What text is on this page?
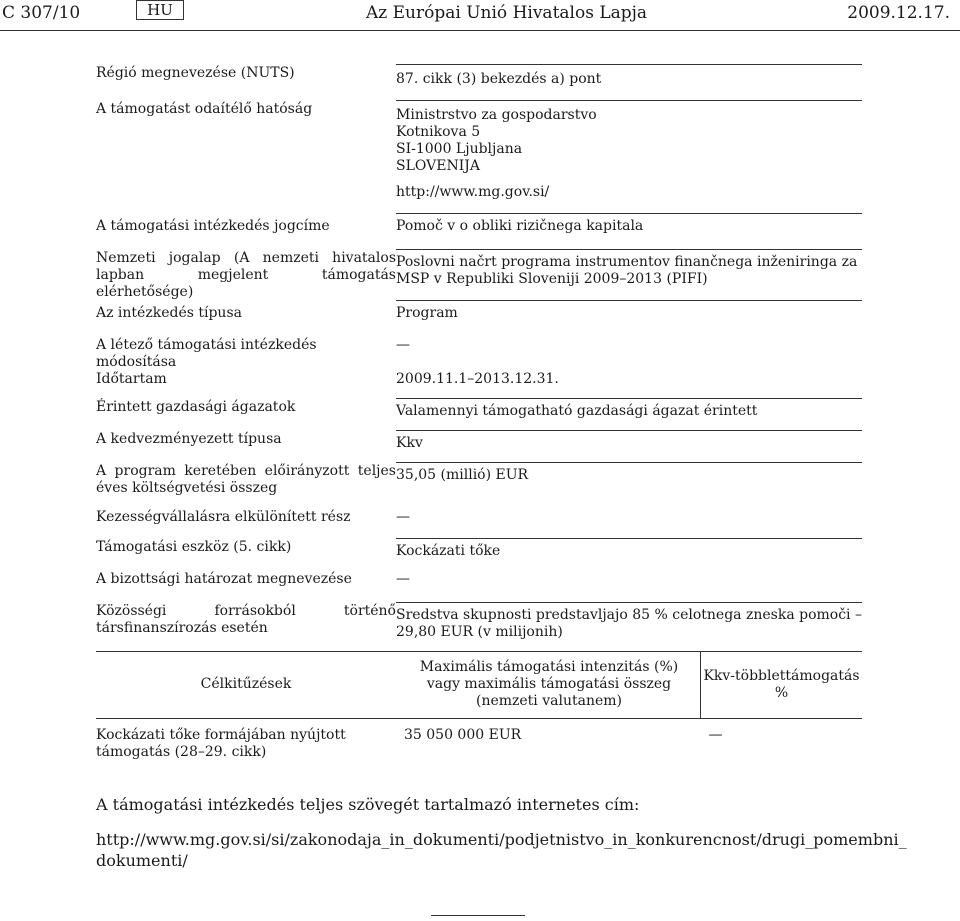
C 307/10	HU	Az Európai Unió Hivatalos Lapja	2009.12.17.
Régió megnevezése (NUTS)	87. cikk (3) bekezdés a) pont		
A támogatást odaítélő hatóság	Ministrstvo za gospodarstvo
Kotnikova 5
SI-1000 Ljubljana
SLOVENIJA
http://www.mg.gov.si/		

A támogatási intézkedés jogcíme	Pomoč v o obliki rizičnega kapitala		
Nemzeti jogalap (A nemzeti hivatalos lapban megjelent támogatás elérhetősége)	Poslovni načrt programa instrumentov finančnega inženiringa za MSP v Republiki Sloveniji 2009–2013 (PIFI)		
Az intézkedés típusa	Program		
A létező támogatási intézkedés módosítása	—		
Időtartam	2009.11.1–2013.12.31.		
Érintett gazdasági ágazatok	Valamennyi támogatható gazdasági ágazat érintett		
A kedvezményezett típusa	Kkv		
A program keretében előirányzott teljes éves költségvetési összeg	35,05 (millió) EUR		
Kezességvállalásra elkülönített rész	—		
Támogatási eszköz (5. cikk)	Kockázati tőke		
A bizottsági határozat megnevezése	—		
Közösségi forrásokból történő társfinanszírozás esetén	Sredstva skupnosti predstavljajo 85 % celotnega zneska pomoči – 29,80 EUR (v milijonih)		
Célkitűzések		Maximális támogatási intenzitás (%) vagy maximális támogatási összeg (nemzeti valutanem)	Kkv-többlettámogatás %
Kockázati tőke formájában nyújtott támogatás (28–29. cikk)		35 050 000 EUR	—
A támogatási intézkedés teljes szövegét tartalmazó internetes cím:
http://www.mg.gov.si/si/zakonodaja_in_dokumenti/podjetnistvo_in_konkurencnost/drugi_pomembni_ dokumenti/
